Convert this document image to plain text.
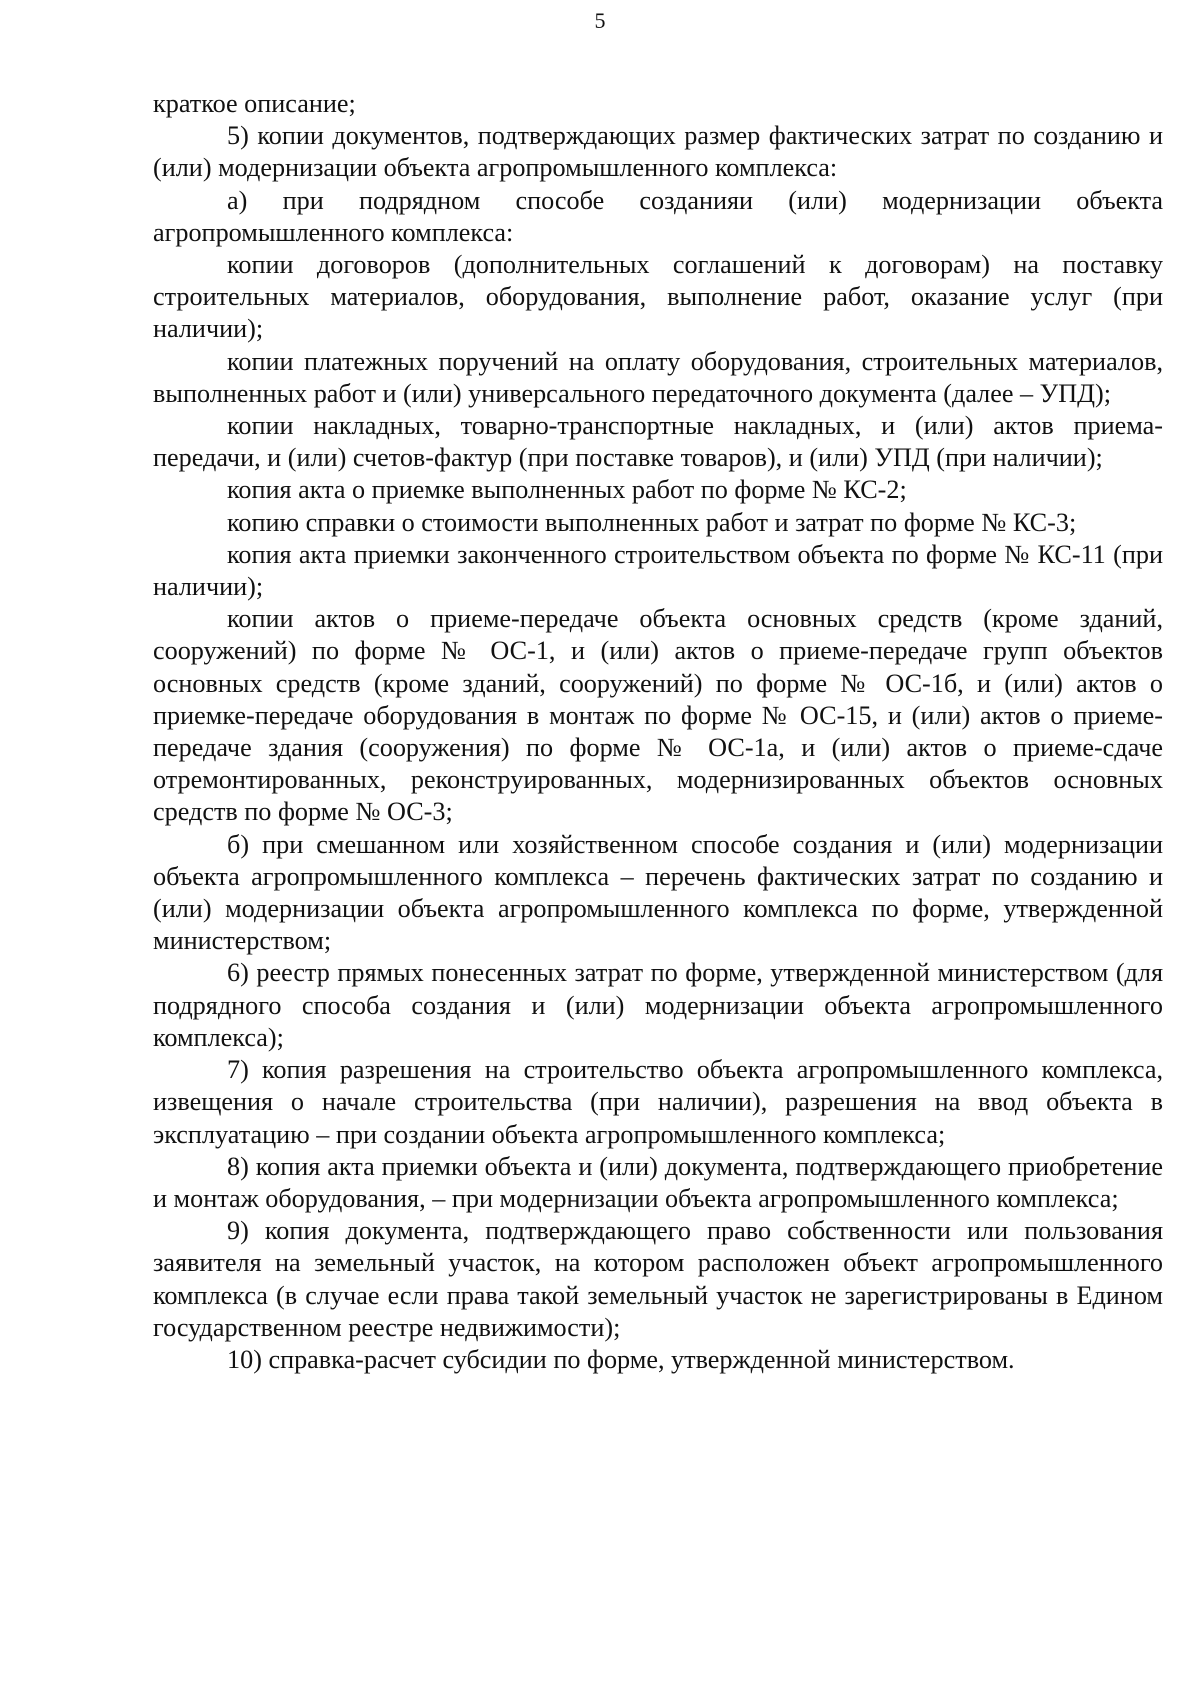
5

краткое описание;

5) копии документов, подтверждающих размер фактических затрат по созданию и (или) модернизации объекта агропромышленного комплекса:

а) при подрядном способе созданияи (или) модернизации объекта агропромышленного комплекса:

копии договоров (дополнительных соглашений к договорам) на поставку строительных материалов, оборудования, выполнение работ, оказание услуг (при наличии);

копии платежных поручений на оплату оборудования, строительных материалов, выполненных работ и (или) универсального передаточного документа (далее – УПД);

копии накладных, товарно-транспортные накладных, и (или) актов приема-передачи, и (или) счетов-фактур (при поставке товаров), и (или) УПД (при наличии);

копия акта о приемке выполненных работ по форме № КС-2;

копию справки о стоимости выполненных работ и затрат по форме № КС-3;

копия акта приемки законченного строительством объекта по форме № КС-11 (при наличии);

копии актов о приеме-передаче объекта основных средств (кроме зданий, сооружений) по форме № ОС-1, и (или) актов о приеме-передаче групп объектов основных средств (кроме зданий, сооружений) по форме № ОС-1б, и (или) актов о приемке-передаче оборудования в монтаж по форме № ОС-15, и (или) актов о приеме-передаче здания (сооружения) по форме № ОС-1а, и (или) актов о приеме-сдаче отремонтированных, реконструированных, модернизированных объектов основных средств по форме № ОС-3;

б) при смешанном или хозяйственном способе создания и (или) модернизации объекта агропромышленного комплекса – перечень фактических затрат по созданию и (или) модернизации объекта агропромышленного комплекса по форме, утвержденной министерством;

6) реестр прямых понесенных затрат по форме, утвержденной министерством (для подрядного способа создания и (или) модернизации объекта агропромышленного комплекса);

7) копия разрешения на строительство объекта агропромышленного комплекса, извещения о начале строительства (при наличии), разрешения на ввод объекта в эксплуатацию – при создании объекта агропромышленного комплекса;

8) копия акта приемки объекта и (или) документа, подтверждающего приобретение и монтаж оборудования, – при модернизации объекта агропромышленного комплекса;

9) копия документа, подтверждающего право собственности или пользования заявителя на земельный участок, на котором расположен объект агропромышленного комплекса (в случае если права такой земельный участок не зарегистрированы в Едином государственном реестре недвижимости);

10) справка-расчет субсидии по форме, утвержденной министерством.
